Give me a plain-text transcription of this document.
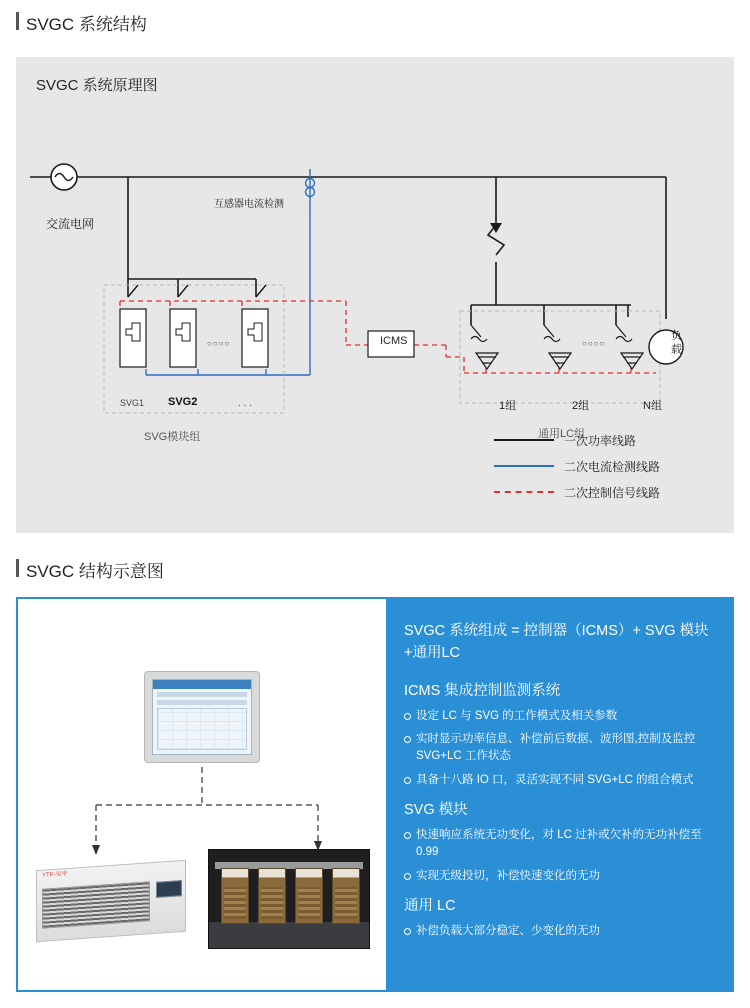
SVGC 系统结构
SVGC 系统原理图
交流电网
互感器电流检测
ICMS
SVG1 SVG2	. . .
○○○○
SVG模块组
○○○○
1组	2组	N组
通用LC组
负载
一次功率线路
二次电流检测线路
二次控制信号线路
SVGC 结构示意图
YTF-吴中
SVGC 系统组成 = 控制器（ICMS）+ SVG 模块+通用LC
ICMS 集成控制监测系统
设定 LC 与 SVG 的工作模式及相关参数
实时显示功率信息、补偿前后数据、波形图,控制及监控 SVG+LC 工作状态
具备十八路 IO 口，灵活实现不同 SVG+LC 的组合模式
SVG 模块
快速响应系统无功变化，对 LC 过补或欠补的无功补偿至 0.99
实现无级投切，补偿快速变化的无功
通用 LC
补偿负载大部分稳定、少变化的无功
